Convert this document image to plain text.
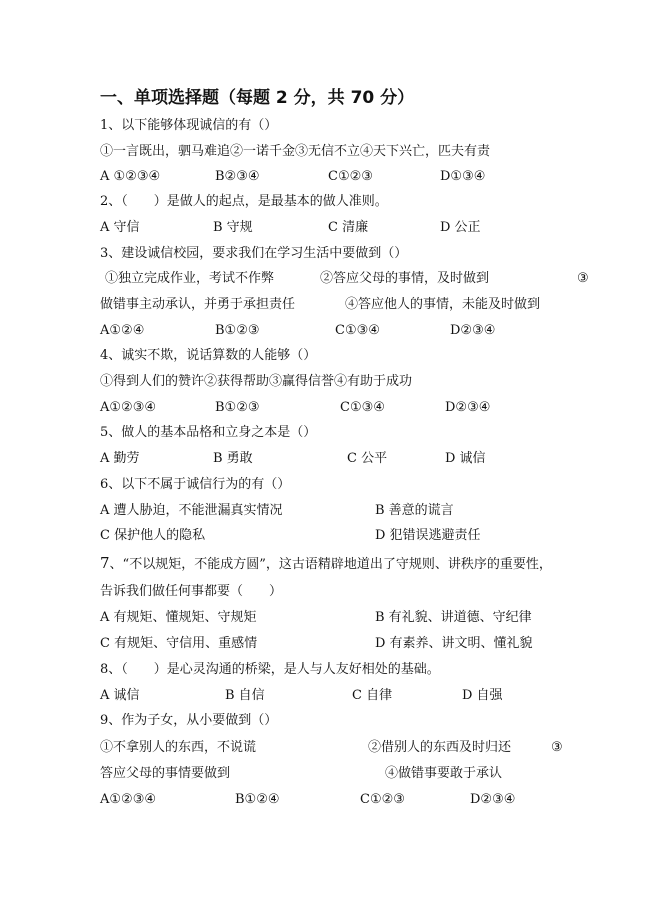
一、单项选择题（每题 2 分，共 70 分）
1、以下能够体现诚信的有（）
①一言既出，驷马难追②一诺千金③无信不立④天下兴亡，匹夫有责
A ①②③④	B②③④	C①②③	D①③④
2、（　　）是做人的起点，是最基本的做人准则。
A 守信	B 守规	C 清廉	D 公正
3、建设诚信校园，要求我们在学习生活中要做到（）
①独立完成作业，考试不作弊	②答应父母的事情，及时做到	③
做错事主动承认，并勇于承担责任	④答应他人的事情，未能及时做到
A①②④	B①②③	C①③④	D②③④
4、诚实不欺，说话算数的人能够（）
①得到人们的赞许②获得帮助③赢得信誉④有助于成功
A①②③④	B①②③	C①③④	D②③④
5、做人的基本品格和立身之本是（）
A 勤劳	B 勇敢	C 公平	D 诚信
6、以下不属于诚信行为的有（）
A 遭人胁迫，不能泄漏真实情况	B 善意的谎言
C 保护他人的隐私	D 犯错误逃避责任
7、“不以规矩，不能成方圆”，这古语精辟地道出了守规则、讲秩序的重要性，
告诉我们做任何事都要（　　）
A 有规矩、懂规矩、守规矩	B 有礼貌、讲道德、守纪律
C 有规矩、守信用、重感情	D 有素养、讲文明、懂礼貌
8、（　　）是心灵沟通的桥梁，是人与人友好相处的基础。
A 诚信	B 自信	C 自律	D 自强
9、作为子女，从小要做到（）
①不拿别人的东西，不说谎	②借别人的东西及时归还	③
答应父母的事情要做到	④做错事要敢于承认
A①②③④	B①②④	C①②③	D②③④
